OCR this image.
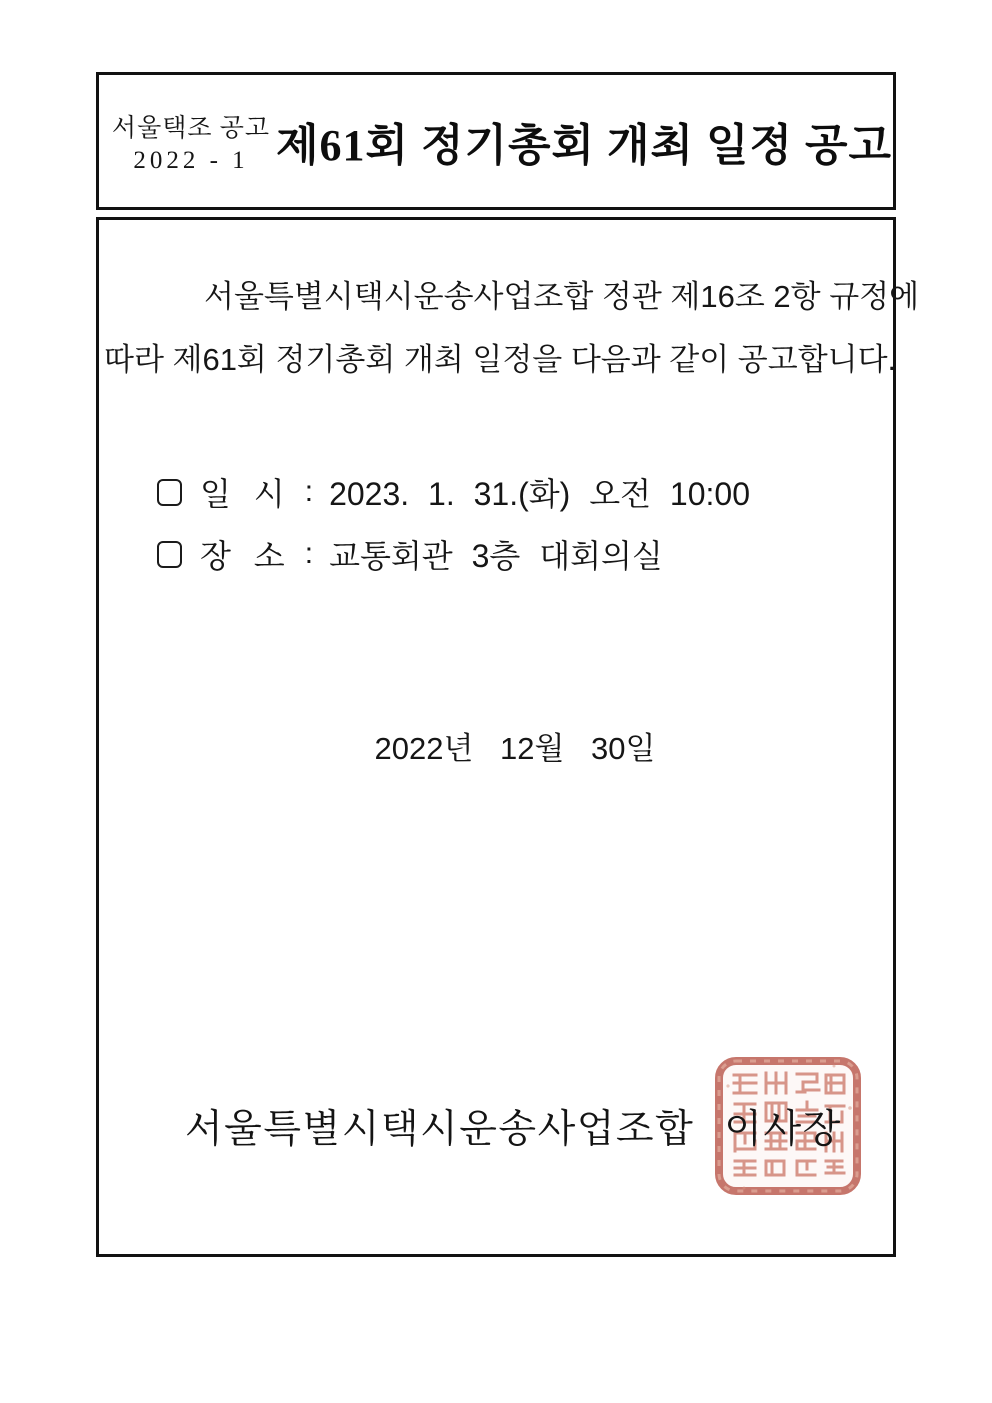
서울택조 공고
2022 - 1 제61회 정기총회 개최 일정 공고
서울특별시택시운송사업조합 정관 제16조 2항 규정에
따라 제61회 정기총회 개최 일정을 다음과 같이 공고합니다.
일 시 : 2023. 1. 31.(화) 오전 10:00
장 소 : 교통회관 3층 대회의실
2022년 12월 30일
서울특별시택시운송사업조합 이사장
